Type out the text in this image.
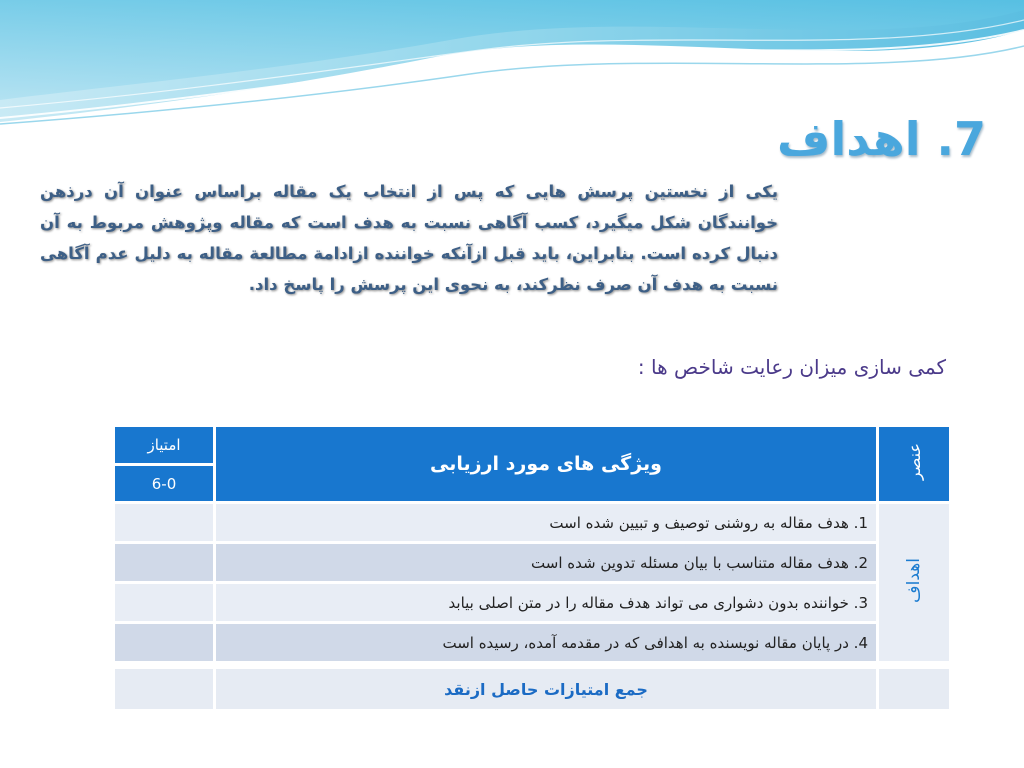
7. اهداف

یکی از نخستین پرسش هایی که پس از انتخاب یک مقاله براساس عنوان آن درذهن خوانندگان شکل میگیرد، کسب آگاهی نسبت به هدف است که مقاله وپژوهش مربوط به آن دنبال کرده است. بنابراین، باید قبل ازآنکه خواننده ازادامة مطالعة مقاله به دلیل عدم آگاهی نسبت به هدف آن صرف نظرکند، به نحوی این پرسش را پاسخ داد.

کمی سازی میزان رعایت شاخص ها :

عنصر	ویژگی های مورد ارزیابی	امتیاز
		6-0
اهداف	1. هدف مقاله به روشنی توصیف و تبیین شده است	
	2. هدف مقاله متناسب با بیان مسئله تدوین شده است	
	3. خواننده بدون دشواری می تواند هدف مقاله را در متن اصلی بیابد	
	4. در پایان مقاله نویسنده به اهدافی که در مقدمه آمده، رسیده است	

	جمع امتیازات حاصل ازنقد	
